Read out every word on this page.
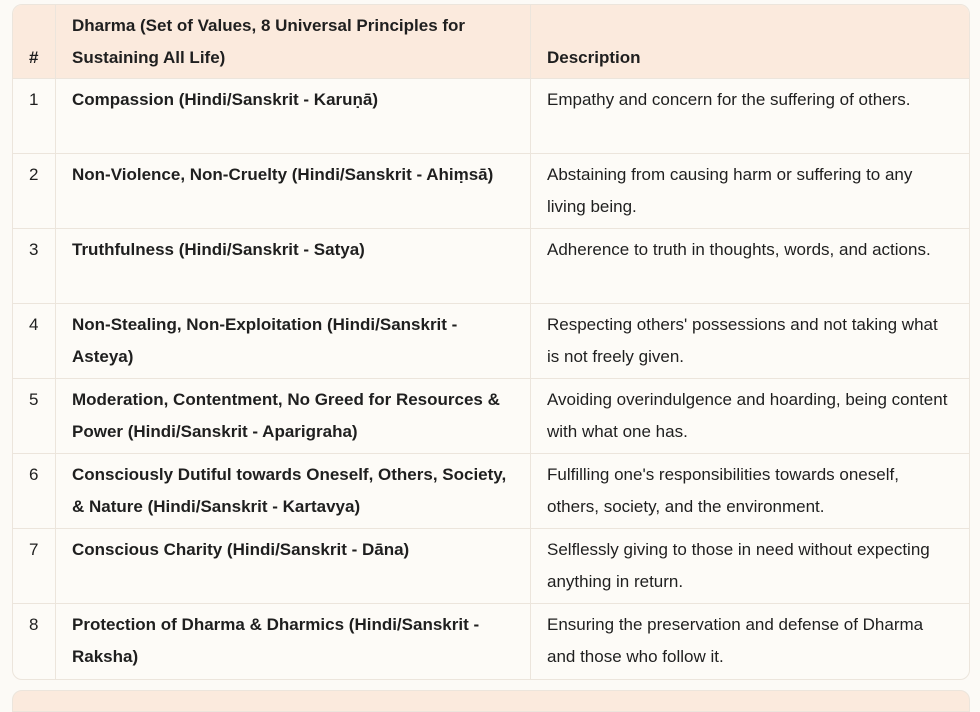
#	Dharma (Set of Values, 8 Universal Principles for Sustaining All Life)	Description
1	Compassion (Hindi/Sanskrit - Karuṇā)	Empathy and concern for the suffering of others.
2	Non-Violence, Non-Cruelty (Hindi/Sanskrit - Ahiṃsā)	Abstaining from causing harm or suffering to any living being.
3	Truthfulness (Hindi/Sanskrit - Satya)	Adherence to truth in thoughts, words, and actions.
4	Non-Stealing, Non-Exploitation (Hindi/Sanskrit - Asteya)	Respecting others' possessions and not taking what is not freely given.
5	Moderation, Contentment, No Greed for Resources & Power (Hindi/Sanskrit - Aparigraha)	Avoiding overindulgence and hoarding, being content with what one has.
6	Consciously Dutiful towards Oneself, Others, Society, & Nature (Hindi/Sanskrit - Kartavya)	Fulfilling one's responsibilities towards oneself, others, society, and the environment.
7	Conscious Charity (Hindi/Sanskrit - Dāna)	Selflessly giving to those in need without expecting anything in return.
8	Protection of Dharma & Dharmics (Hindi/Sanskrit - Raksha)	Ensuring the preservation and defense of Dharma and those who follow it.
